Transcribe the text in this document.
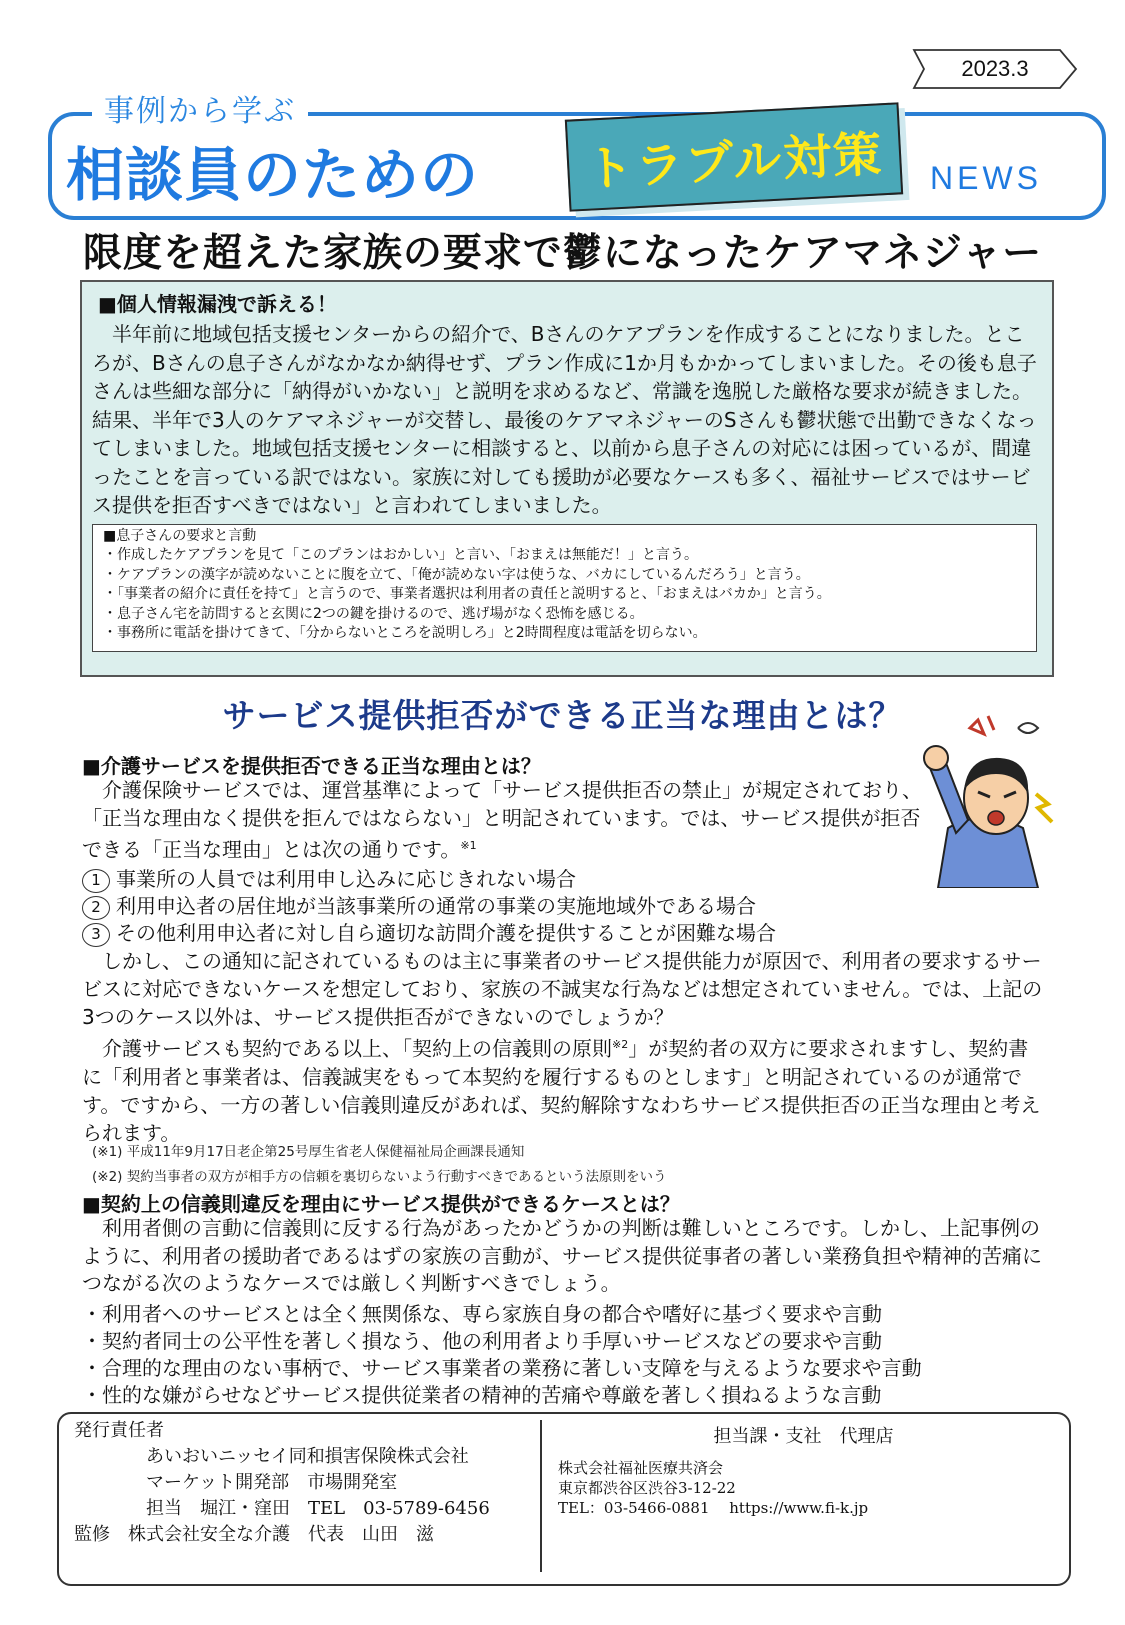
2023.3
事例から学ぶ
相談員のための	トラブル対策	NEWS
限度を超えた家族の要求で鬱になったケアマネジャー
■個人情報漏洩で訴える！
半年前に地域包括支援センターからの紹介で、Bさんのケアプランを作成することになりました。ところが、Bさんの息子さんがなかなか納得せず、プラン作成に1か月もかかってしまいました。その後も息子さんは些細な部分に「納得がいかない」と説明を求めるなど、常識を逸脱した厳格な要求が続きました。結果、半年で3人のケアマネジャーが交替し、最後のケアマネジャーのSさんも鬱状態で出勤できなくなってしまいました。地域包括支援センターに相談すると、以前から息子さんの対応には困っているが、間違ったことを言っている訳ではない。家族に対しても援助が必要なケースも多く、福祉サービスではサービス提供を拒否すべきではない」と言われてしまいました。
■息子さんの要求と言動
・作成したケアプランを見て「このプランはおかしい」と言い、「おまえは無能だ！」と言う。
・ケアプランの漢字が読めないことに腹を立て、「俺が読めない字は使うな、バカにしているんだろう」と言う。
・「事業者の紹介に責任を持て」と言うので、事業者選択は利用者の責任と説明すると、「おまえはバカか」と言う。
・息子さん宅を訪問すると玄関に2つの鍵を掛けるので、逃げ場がなく恐怖を感じる。
・事務所に電話を掛けてきて、「分からないところを説明しろ」と2時間程度は電話を切らない。
サービス提供拒否ができる正当な理由とは？
■介護サービスを提供拒否できる正当な理由とは？
介護保険サービスでは、運営基準によって「サービス提供拒否の禁止」が規定されており、「正当な理由なく提供を拒んではならない」と明記されています。では、サービス提供が拒否できる「正当な理由」とは次の通りです。$^{※1}$
1 事業所の人員では利用申し込みに応じきれない場合
2 利用申込者の居住地が当該事業所の通常の事業の実施地域外である場合
3 その他利用申込者に対し自ら適切な訪問介護を提供することが困難な場合

しかし、この通知に記されているものは主に事業者のサービス提供能力が原因で、利用者の要求するサービスに対応できないケースを想定しており、家族の不誠実な行為などは想定されていません。では、上記の3つのケース以外は、サービス提供拒否ができないのでしょうか？

介護サービスも契約である以上、「契約上の信義則の原則$^{※2}$」が契約者の双方に要求されますし、契約書に「利用者と事業者は、信義誠実をもって本契約を履行するものとします」と明記されているのが通常です。ですから、一方の著しい信義則違反があれば、契約解除すなわちサービス提供拒否の正当な理由と考えられます。

(※1) 平成11年9月17日老企第25号厚生省老人保健福祉局企画課長通知
(※2) 契約当事者の双方が相手方の信頼を裏切らないよう行動すべきであるという法原則をいう
■契約上の信義則違反を理由にサービス提供ができるケースとは？
利用者側の言動に信義則に反する行為があったかどうかの判断は難しいところです。しかし、上記事例のように、利用者の援助者であるはずの家族の言動が、サービス提供従事者の著しい業務負担や精神的苦痛につながる次のようなケースでは厳しく判断すべきでしょう。
・利用者へのサービスとは全く無関係な、専ら家族自身の都合や嗜好に基づく要求や言動
・契約者同士の公平性を著しく損なう、他の利用者より手厚いサービスなどの要求や言動
・合理的な理由のない事柄で、サービス事業者の業務に著しい支障を与えるような要求や言動
・性的な嫌がらせなどサービス提供従業者の精神的苦痛や尊厳を著しく損ねるような言動
発行責任者
　　　　あいおいニッセイ同和損害保険株式会社
　　　　マーケット開発部　市場開発室
　　　　担当　堀江・窪田　TEL　03-5789-6456
監修　株式会社安全な介護　代表　山田　滋
担当課・支社　代理店
株式会社福祉医療共済会
東京都渋谷区渋谷3-12-22
TEL：03-5466-0881　 https://www.fi-k.jp
